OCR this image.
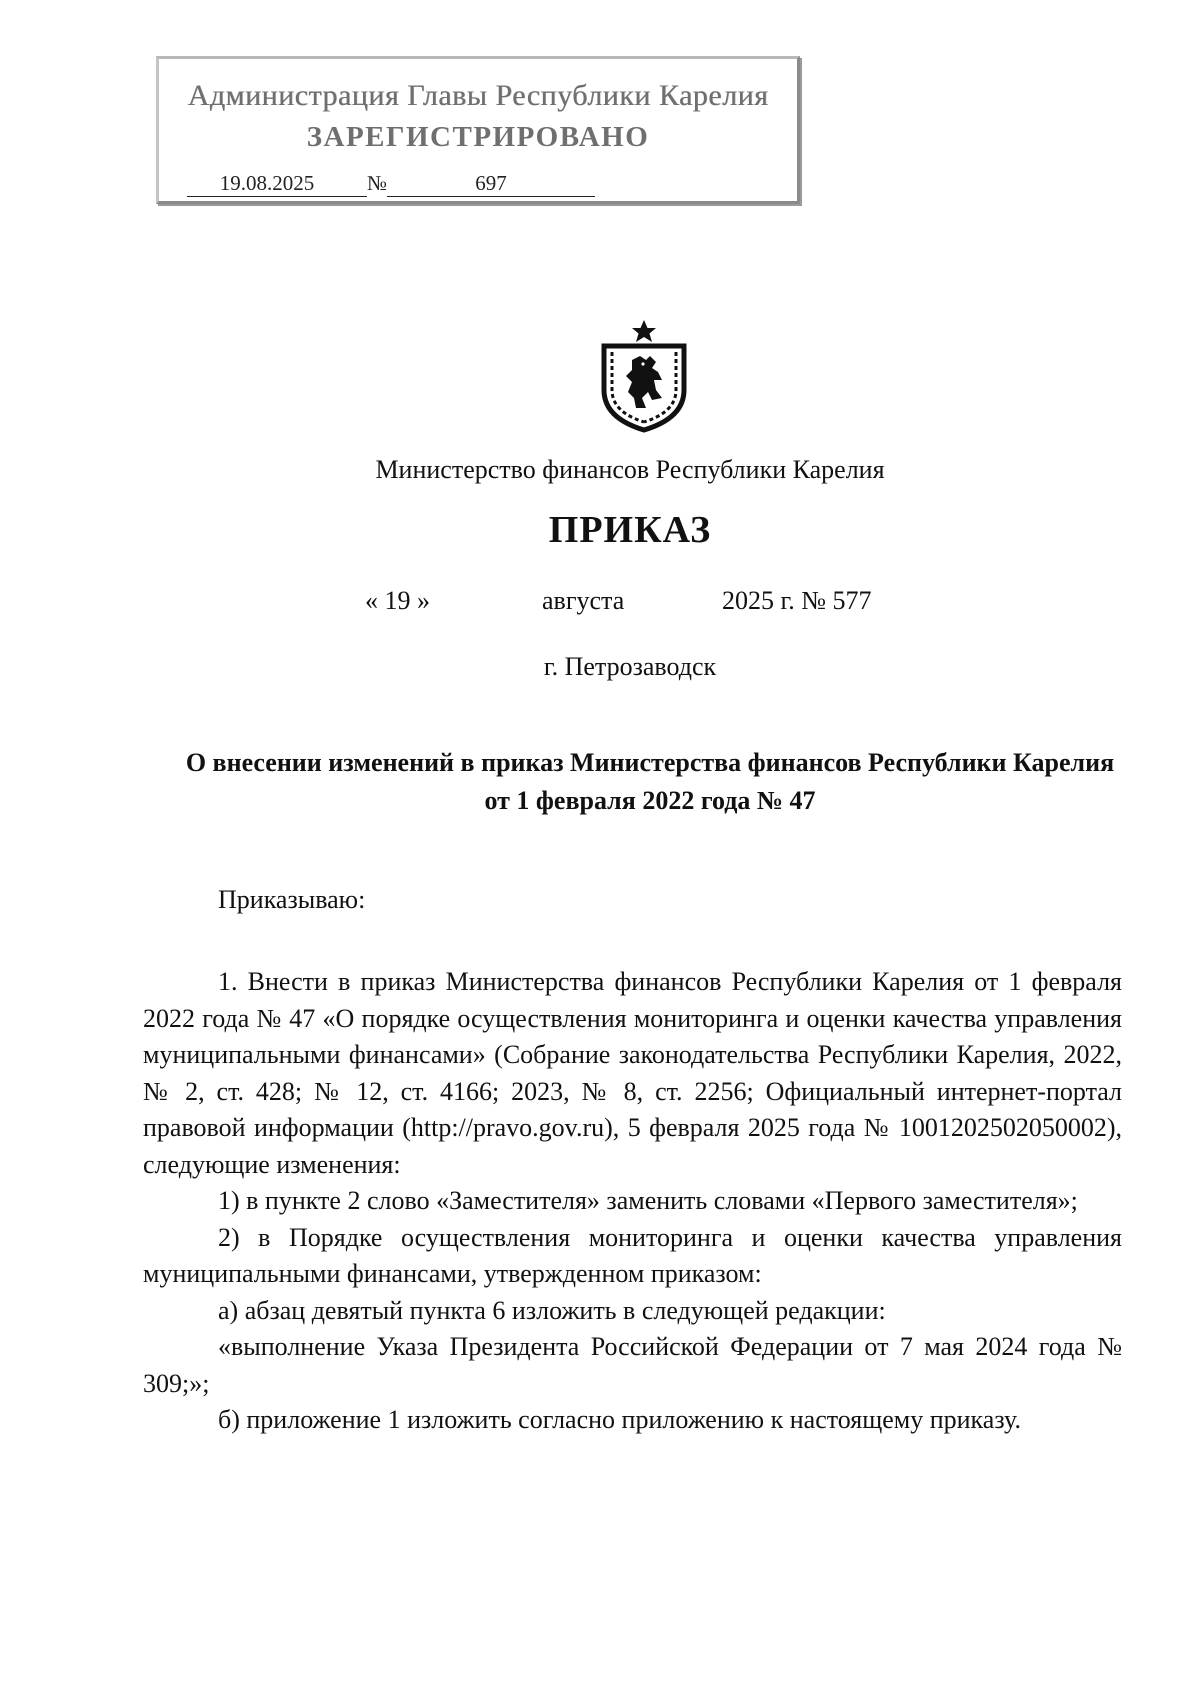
Администрация Главы Республики Карелия
ЗАРЕГИСТРИРОВАНО
19.08.2025	№	697
Министерство финансов Республики Карелия
ПРИКАЗ
« 19 »	августа	2025 г. № 577
г. Петрозаводск
О внесении изменений в приказ Министерства финансов Республики Карелия от 1 февраля 2022 года № 47

Приказываю:

1. Внести в приказ Министерства финансов Республики Карелия от 1 февраля 2022 года № 47 «О порядке осуществления мониторинга и оценки качества управления муниципальными финансами» (Собрание законодательства Республики Карелия, 2022, № 2, ст. 428; № 12, ст. 4166; 2023, № 8, ст. 2256; Официальный интернет-портал правовой информации (http://pravo.gov.ru), 5 февраля 2025 года № 1001202502050002), следующие изменения:

1) в пункте 2 слово «Заместителя» заменить словами «Первого заместителя»;

2) в Порядке осуществления мониторинга и оценки качества управления муниципальными финансами, утвержденном приказом:

а) абзац девятый пункта 6 изложить в следующей редакции:

«выполнение Указа Президента Российской Федерации от 7 мая 2024 года № 309;»;

б) приложение 1 изложить согласно приложению к настоящему приказу.
